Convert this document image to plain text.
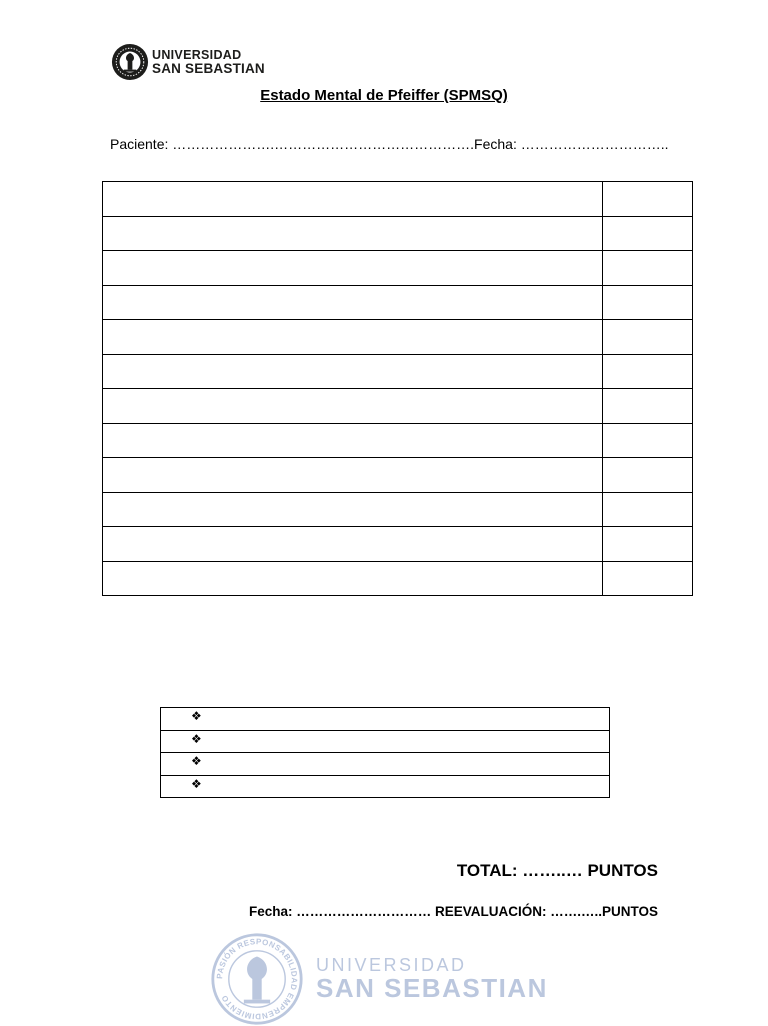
UNIVERSIDAD
SAN SEBASTIAN
Estado Mental de Pfeiffer (SPMSQ)
Paciente: ………………….…………………………………….Fecha: …………………………..

❖
❖
❖
❖
TOTAL: ……..… PUNTOS
Fecha: ………………………… REEVALUACIÓN: …….…..PUNTOS
PASIÓN RESPONSABILIDAD EMPRENDIMIENTO
UNIVERSIDAD
SAN SEBASTIAN
